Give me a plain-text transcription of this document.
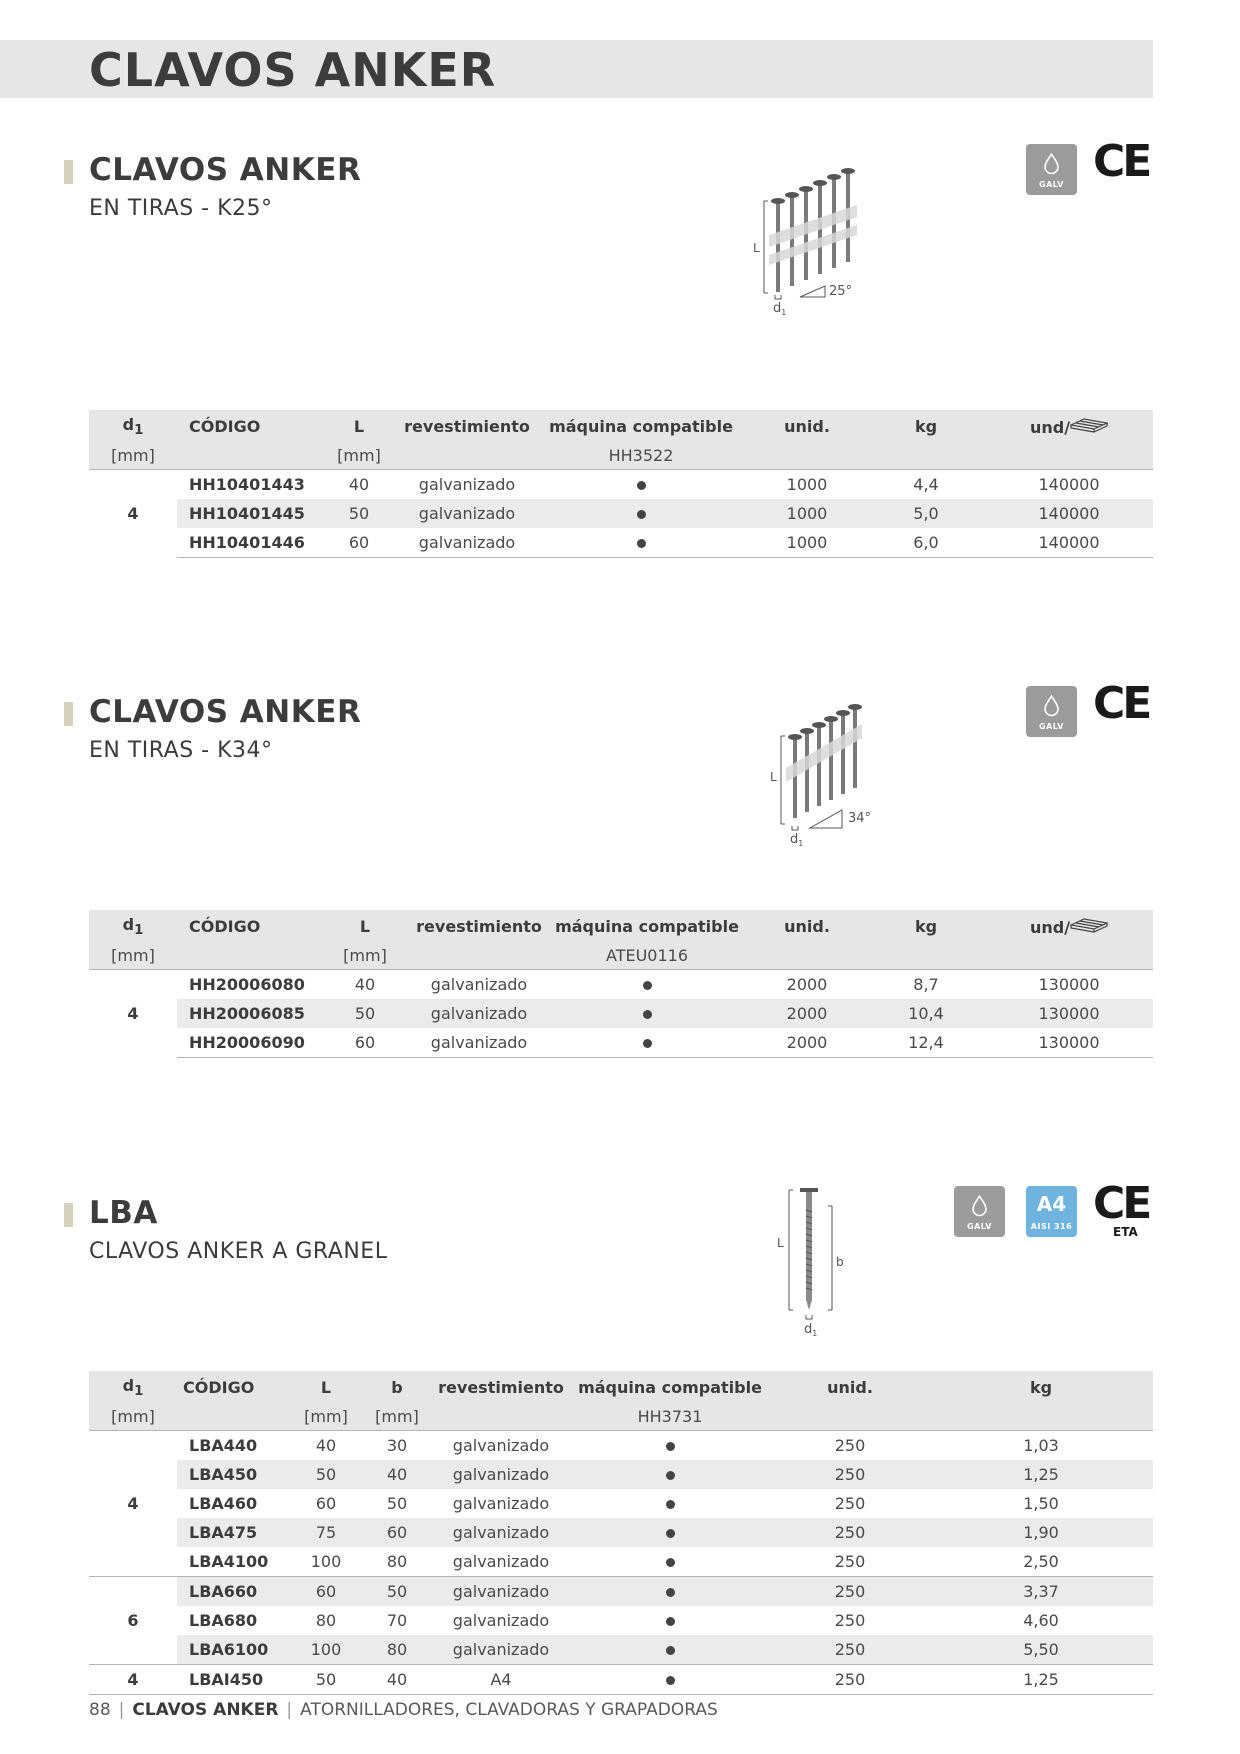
CLAVOS ANKER
CLAVOS ANKER
EN TIRAS - K25°
GALV CE
L
25°
$d_1$
$d_1$	CÓDIGO	L	revestimiento	máquina compatible	unid.	kg	und/
[mm]		[mm]		HH3522			
4	HH10401443	40	galvanizado		1000	4,4	140000
	HH10401445	50	galvanizado		1000	5,0	140000
	HH10401446	60	galvanizado		1000	6,0	140000
CLAVOS ANKER
EN TIRAS - K34°
GALV CE
L
34°
$d_1$
$d_1$	CÓDIGO	L	revestimiento	máquina compatible	unid.	kg	und/
[mm]		[mm]		ATEU0116			
4	HH20006080	40	galvanizado		2000	8,7	130000
	HH20006085	50	galvanizado		2000	10,4	130000
	HH20006090	60	galvanizado		2000	12,4	130000
LBA
CLAVOS ANKER A GRANEL
GALV
A4
AISI 316 CE
ETA
L
b
$d_1$
$d_1$	CÓDIGO	L	b	revestimiento	máquina compatible	unid.	kg
[mm]		[mm]	[mm]		HH3731		
4	LBA440	40	30	galvanizado		250	1,03
	LBA450	50	40	galvanizado		250	1,25
	LBA460	60	50	galvanizado		250	1,50
	LBA475	75	60	galvanizado		250	1,90
	LBA4100	100	80	galvanizado		250	2,50
6	LBA660	60	50	galvanizado		250	3,37
	LBA680	80	70	galvanizado		250	4,60
	LBA6100	100	80	galvanizado		250	5,50
4	LBAI450	50	40	A4		250	1,25
88 | CLAVOS ANKER | ATORNILLADORES, CLAVADORAS Y GRAPADORAS
